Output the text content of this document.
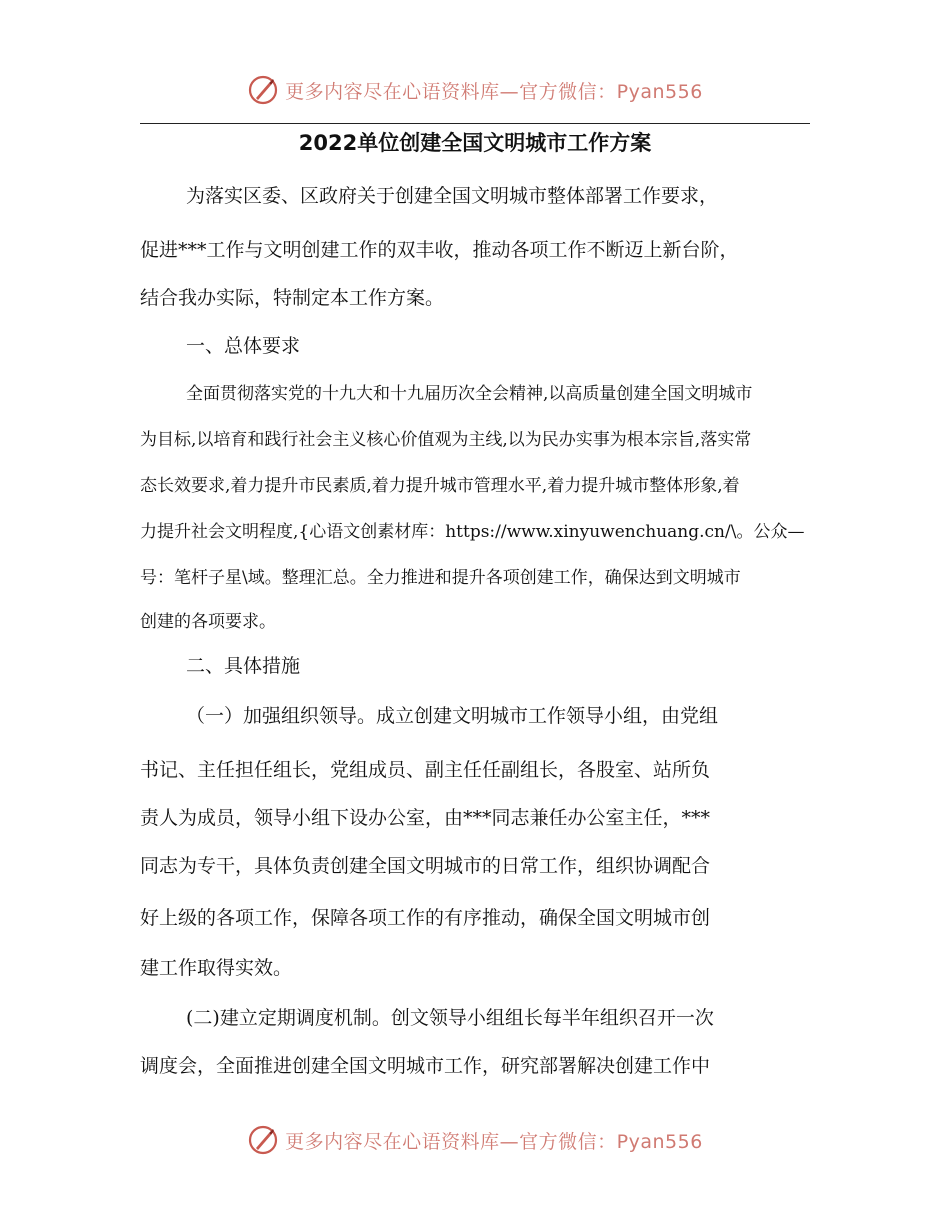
更多内容尽在心语资料库—官方微信：Pyan556
2022单位创建全国文明城市工作方案
为落实区委、区政府关于创建全国文明城市整体部署工作要求，
促进***工作与文明创建工作的双丰收，推动各项工作不断迈上新台阶，
结合我办实际，特制定本工作方案。
一、总体要求
全面贯彻落实党的十九大和十九届历次全会精神,以高质量创建全国文明城市
为目标,以培育和践行社会主义核心价值观为主线,以为民办实事为根本宗旨,落实常
态长效要求,着力提升市民素质,着力提升城市管理水平,着力提升城市整体形象,着
力提升社会文明程度,{心语文创素材库：https://www.xinyuwenchuang.cn/\。公众—
号：笔杆子星\域。整理汇总。全力推进和提升各项创建工作，确保达到文明城市
创建的各项要求。
二、具体措施
（一）加强组织领导。成立创建文明城市工作领导小组，由党组
书记、主任担任组长，党组成员、副主任任副组长，各股室、站所负
责人为成员，领导小组下设办公室，由***同志兼任办公室主任，***
同志为专干，具体负责创建全国文明城市的日常工作，组织协调配合
好上级的各项工作，保障各项工作的有序推动，确保全国文明城市创
建工作取得实效。
(二)建立定期调度机制。创文领导小组组长每半年组织召开一次
调度会，全面推进创建全国文明城市工作，研究部署解决创建工作中
更多内容尽在心语资料库—官方微信：Pyan556
